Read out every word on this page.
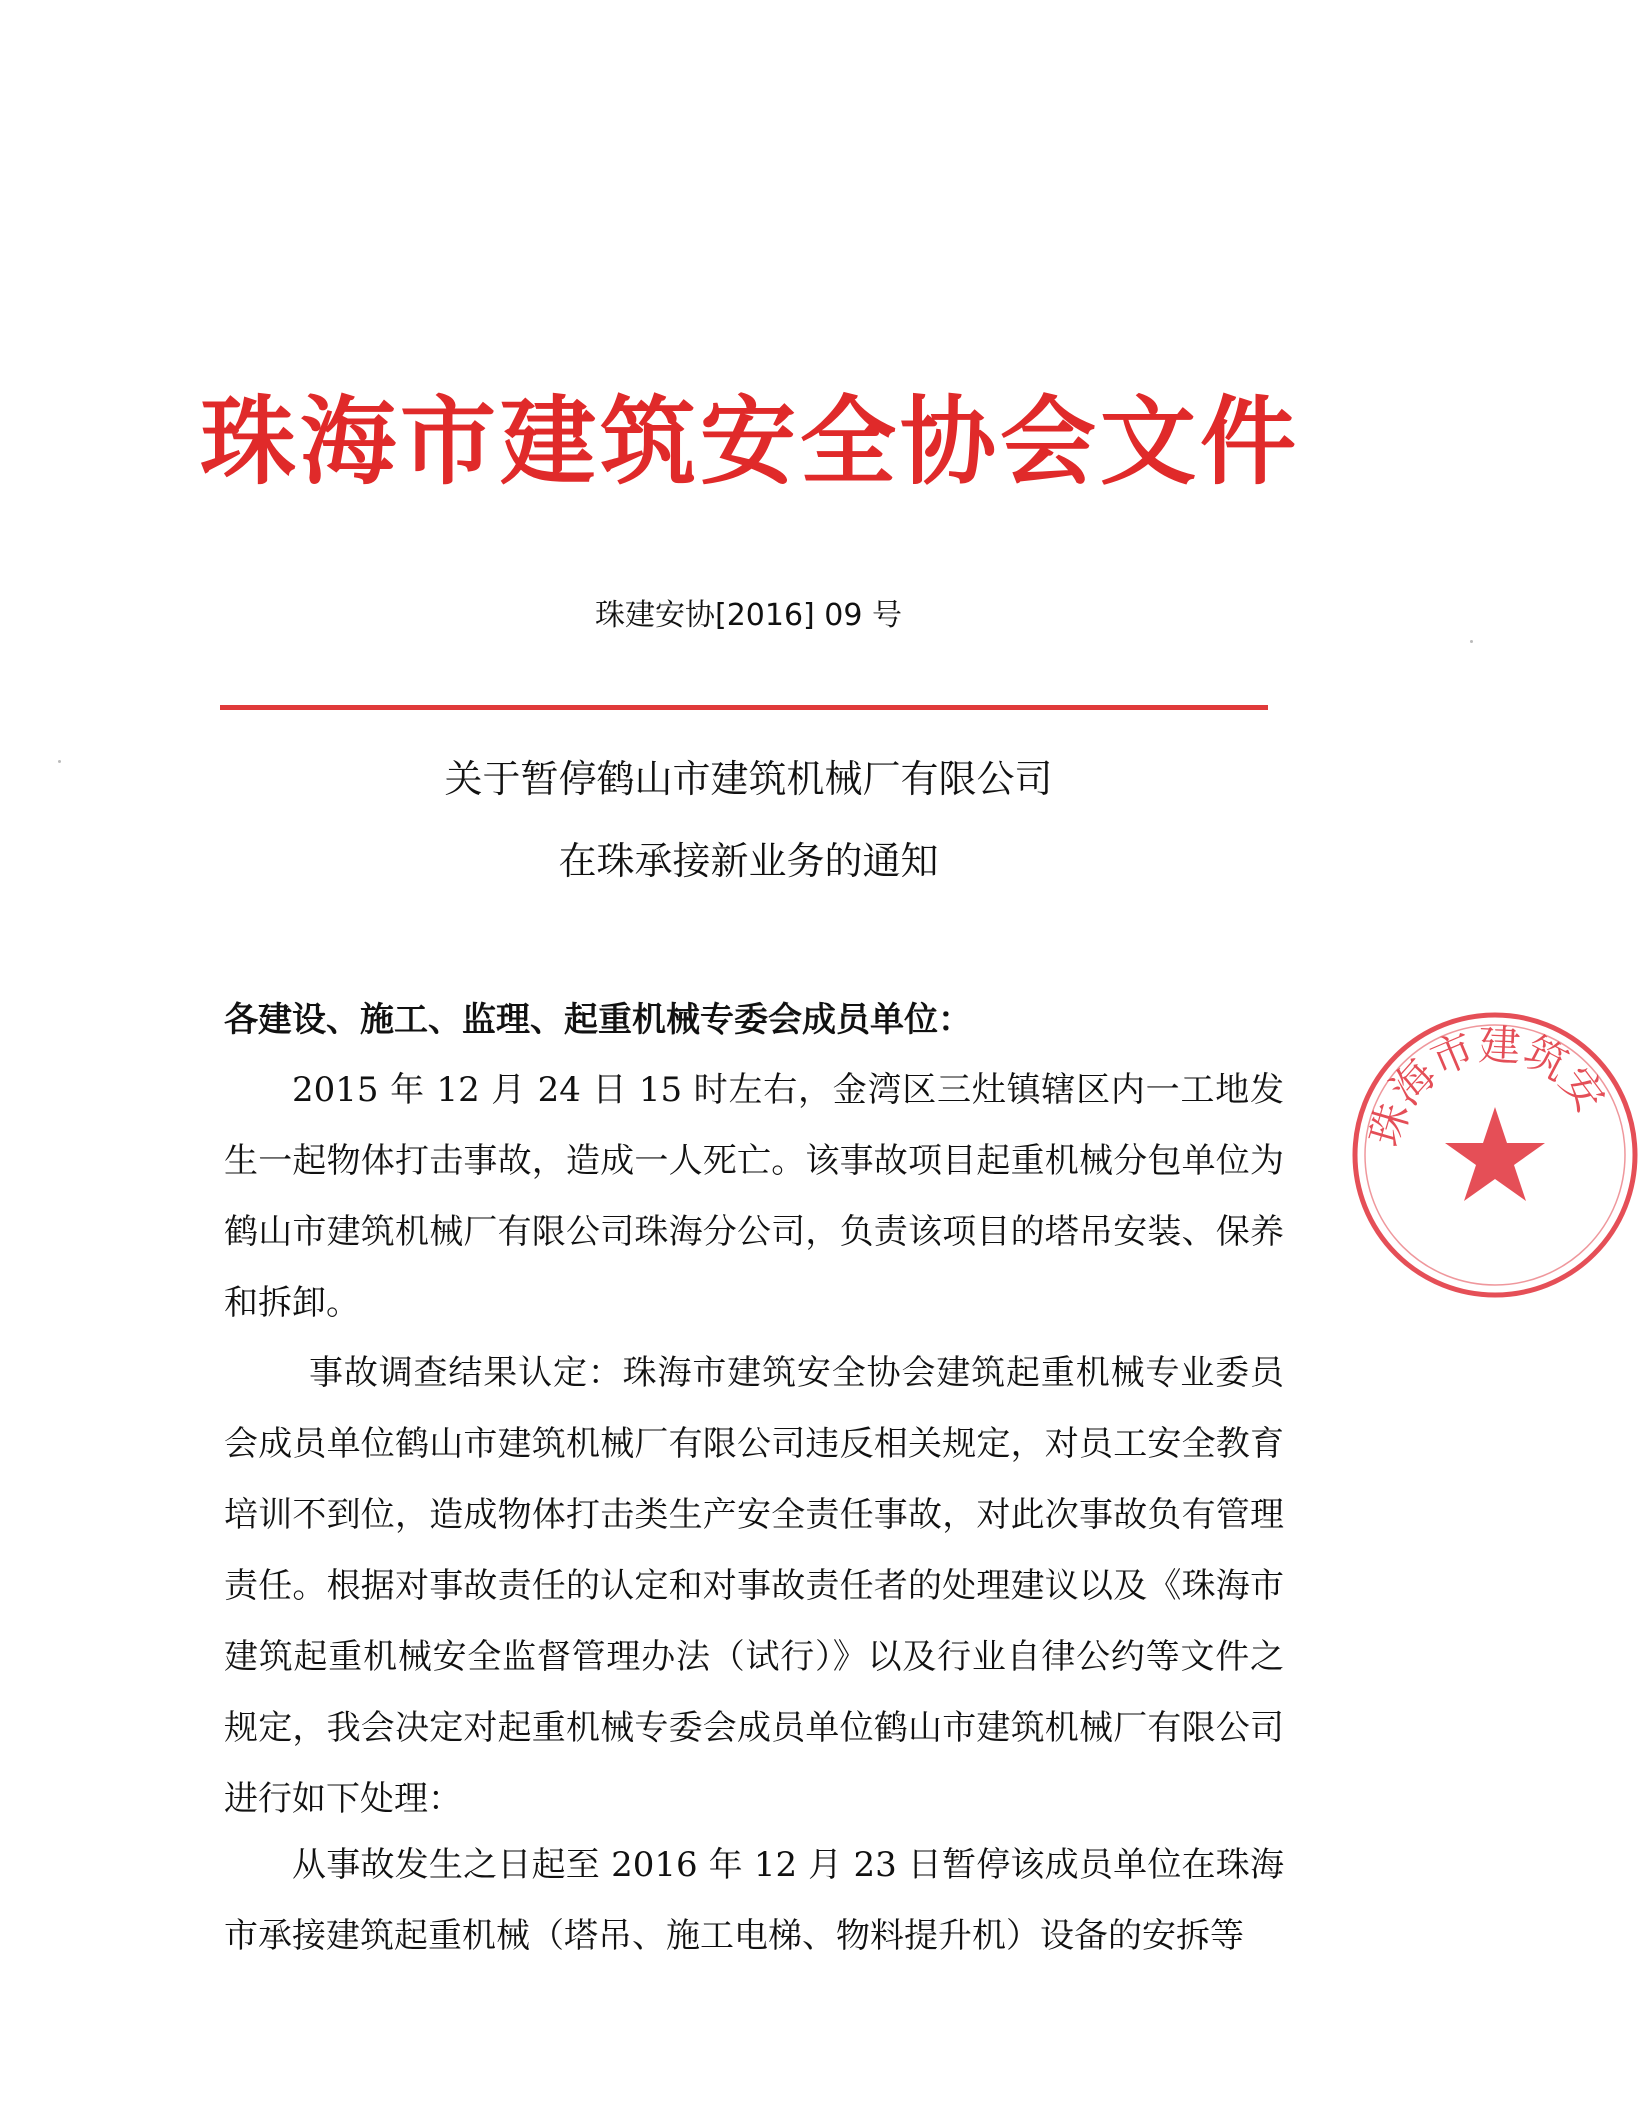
珠海市建筑安全协会文件
珠建安协[2016] 09 号
关于暂停鹤山市建筑机械厂有限公司
在珠承接新业务的通知

各建设、施工、监理、起重机械专委会成员单位：

2015 年 12 月 24 日 15 时左右，金湾区三灶镇辖区内一工地发生一起物体打击事故，造成一人死亡。该事故项目起重机械分包单位为鹤山市建筑机械厂有限公司珠海分公司，负责该项目的塔吊安装、保养和拆卸。

事故调查结果认定：珠海市建筑安全协会建筑起重机械专业委员会成员单位鹤山市建筑机械厂有限公司违反相关规定，对员工安全教育培训不到位，造成物体打击类生产安全责任事故，对此次事故负有管理责任。根据对事故责任的认定和对事故责任者的处理建议以及《珠海市建筑起重机械安全监督管理办法（试行）》以及行业自律公约等文件之规定，我会决定对起重机械专委会成员单位鹤山市建筑机械厂有限公司进行如下处理：

从事故发生之日起至 2016 年 12 月 23 日暂停该成员单位在珠海市承接建筑起重机械（塔吊、施工电梯、物料提升机）设备的安拆等

珠海市建筑安
